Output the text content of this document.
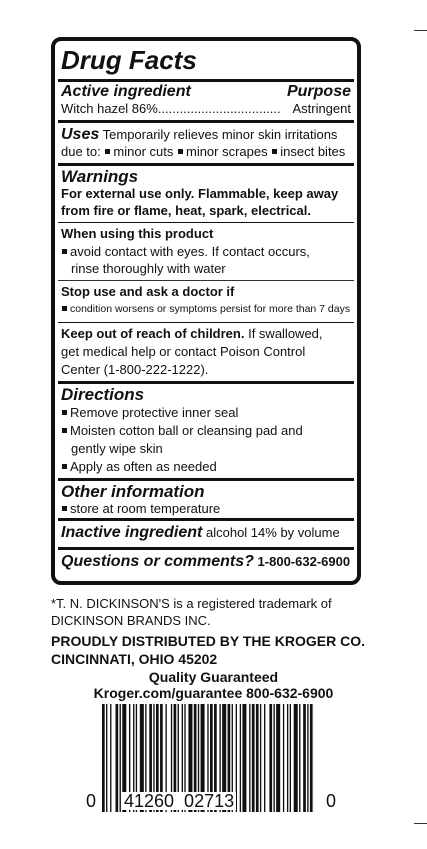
Drug Facts
Active ingredient	Purpose
Witch hazel 86%.................................. Astringent
Uses Temporarily relieves minor skin irritations
due to: minor cuts minor scrapes insect bites
Warnings
For external use only. Flammable, keep away
from fire or flame, heat, spark, electrical.
When using this product
avoid contact with eyes. If contact occurs,
rinse thoroughly with water
Stop use and ask a doctor if
condition worsens or symptoms persist for more than 7 days
Keep out of reach of children. If swallowed,
get medical help or contact Poison Control
Center (1-800-222-1222).
Directions
Remove protective inner seal
Moisten cotton ball or cleansing pad and
gently wipe skin
Apply as often as needed
Other information
store at room temperature
Inactive ingredient alcohol 14% by volume
Questions or comments? 1-800-632-6900
*T. N. DICKINSON'S is a registered trademark of
DICKINSON BRANDS INC.
PROUDLY DISTRIBUTED BY THE KROGER CO.
CINCINNATI, OHIO 45202
Quality Guaranteed
Kroger.com/guarantee 800-632-6900
0 41260  02713	0
